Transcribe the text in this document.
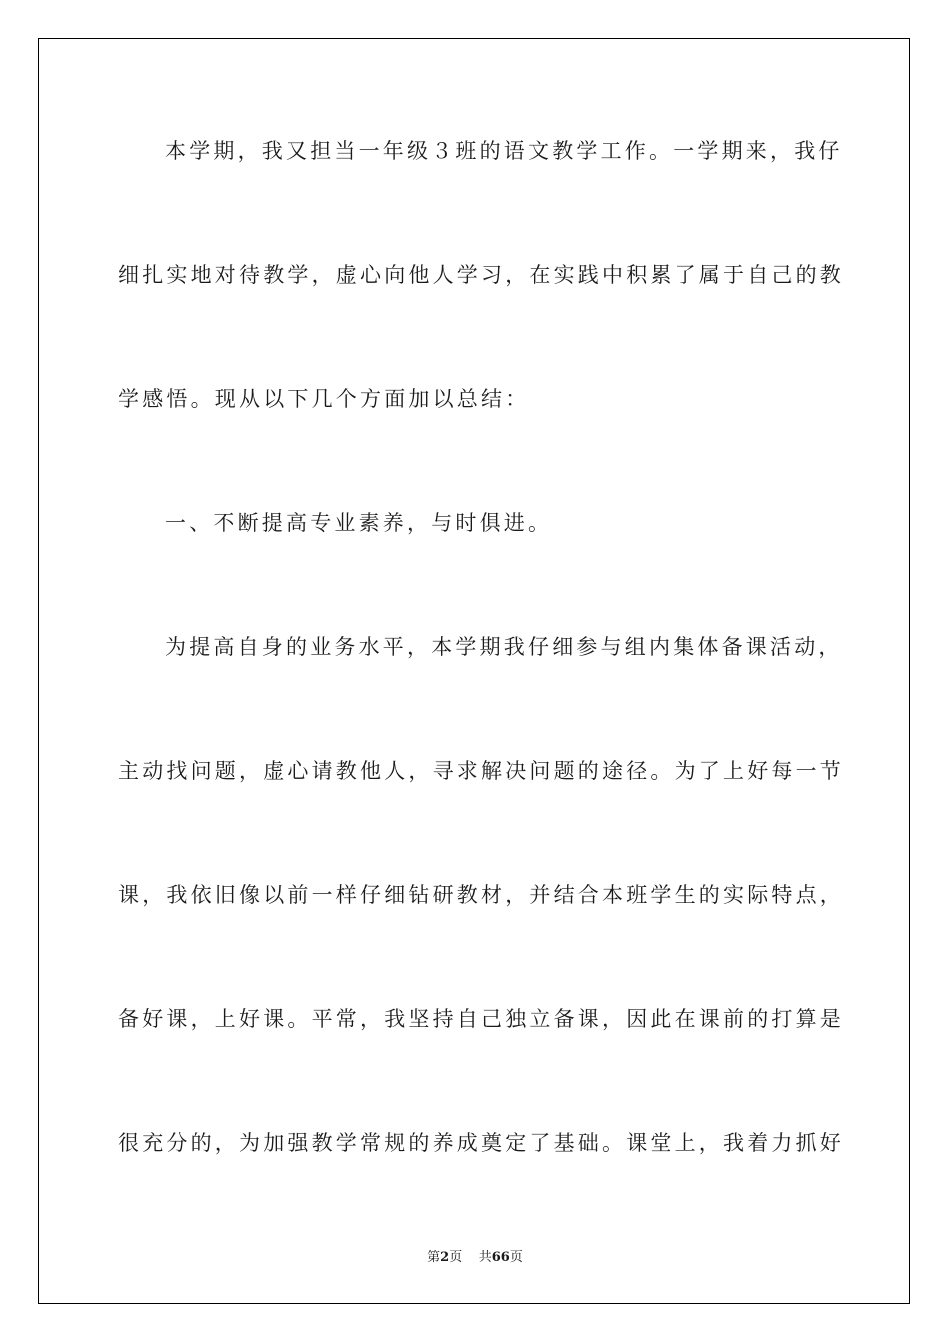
本学期，我又担当一年级３班的语文教学工作。一学期来，我仔
细扎实地对待教学，虚心向他人学习，在实践中积累了属于自己的教
学感悟。现从以下几个方面加以总结：
一、不断提高专业素养，与时俱进。
为提高自身的业务水平，本学期我仔细参与组内集体备课活动，
主动找问题，虚心请教他人，寻求解决问题的途径。为了上好每一节
课，我依旧像以前一样仔细钻研教材，并结合本班学生的实际特点，
备好课，上好课。平常，我坚持自己独立备课，因此在课前的打算是
很充分的，为加强教学常规的养成奠定了基础。课堂上，我着力抓好
第2页 共66页
